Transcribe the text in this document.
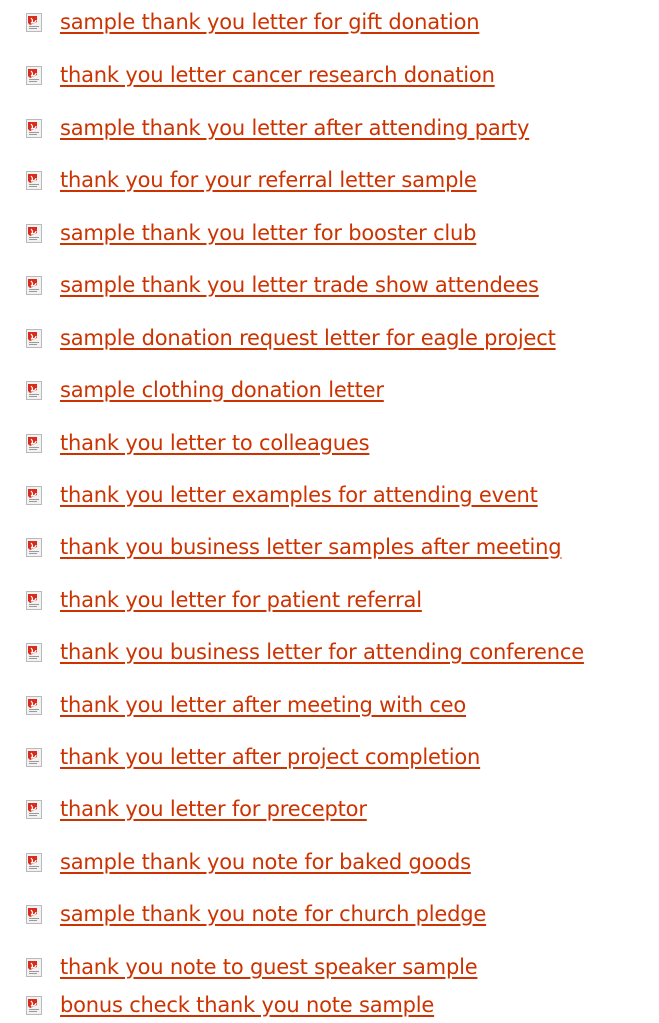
sample thank you letter for gift donation
thank you letter cancer research donation
sample thank you letter after attending party
thank you for your referral letter sample
sample thank you letter for booster club
sample thank you letter trade show attendees
sample donation request letter for eagle project
sample clothing donation letter
thank you letter to colleagues
thank you letter examples for attending event
thank you business letter samples after meeting
thank you letter for patient referral
thank you business letter for attending conference
thank you letter after meeting with ceo
thank you letter after project completion
thank you letter for preceptor
sample thank you note for baked goods
sample thank you note for church pledge
thank you note to guest speaker sample
bonus check thank you note sample
